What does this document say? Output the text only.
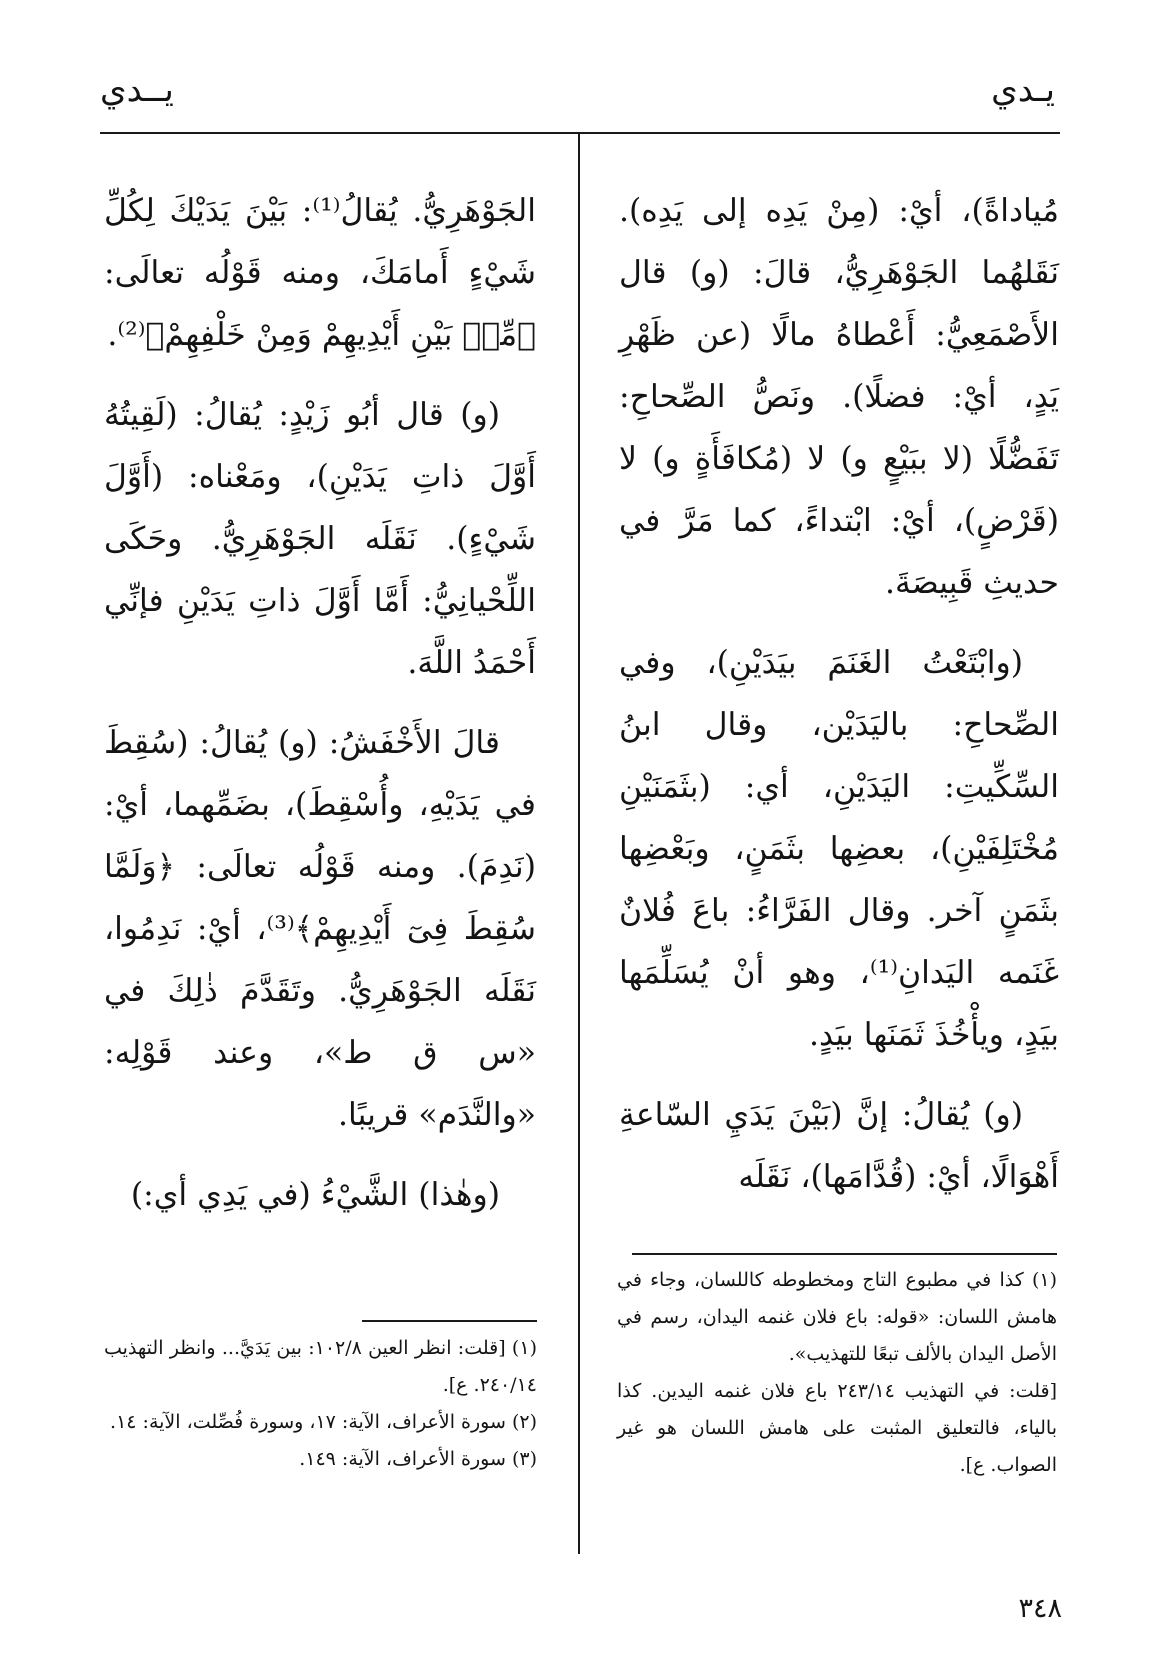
يـدي
يــدي

مُياداةً)، أيْ: (مِنْ يَدِه إلى يَدِه). نَقَلهُما الجَوْهَرِيُّ، قالَ: (و) قال الأَصْمَعِيُّ: أَعْطاهُ مالًا (عن ظَهْرِ يَدٍ، أيْ: فضلًا). ونَصُّ الصِّحاحِ: تَفَضُّلًا (لا ببَيْعٍ و) لا (مُكافَأَةٍ و) لا (قَرْضٍ)، أيْ: ابْتداءً، كما مَرَّ في حديثِ قَبِيصَةَ.

(وابْتَعْتُ الغَنَمَ بيَدَيْنِ)، وفي الصِّحاحِ: باليَدَيْن، وقال ابنُ السِّكِّيتِ: اليَدَيْنِ، أي: (بثَمَنَيْنِ مُخْتَلِفَيْنِ)، بعضِها بثَمَنٍ، وبَعْضِها بثَمَنٍ آخر. وقال الفَرَّاءُ: باعَ فُلانٌ غَنَمه اليَدانِ⁽¹⁾، وهو أنْ يُسَلِّمَها بيَدٍ، ويأْخُذَ ثَمَنَها بيَدٍ.

(و) يُقالُ: إنَّ (بَيْنَ يَدَيِ السّاعةِ أَهْوَالًا، أيْ: (قُدَّامَها)، نَقَلَه

الجَوْهَرِيُّ. يُقالُ⁽¹⁾: بَيْنَ يَدَيْكَ لِكُلِّ شَيْءٍ أَمامَكَ، ومنه قَوْلُه تعالَى: ﴿مِّنۢ بَيْنِ أَيْدِيهِمْ وَمِنْ خَلْفِهِمْ﴾⁽²⁾.

(و) قال أبُو زَيْدٍ: يُقالُ: (لَقِيتُهُ أَوَّلَ ذاتِ يَدَيْنِ)، ومَعْناه: (أَوَّلَ شَيْءٍ). نَقَلَه الجَوْهَرِيُّ. وحَكَى اللِّحْيانِيُّ: أَمَّا أَوَّلَ ذاتِ يَدَيْنِ فإنِّي أَحْمَدُ اللَّهَ.

قالَ الأَخْفَشُ: (و) يُقالُ: (سُقِطَ في يَدَيْهِ، وأُسْقِطَ)، بضَمِّهما، أيْ: (نَدِمَ). ومنه قَوْلُه تعالَى: ﴿وَلَمَّا سُقِطَ فِىٓ أَيْدِيهِمْ﴾⁽³⁾، أيْ: نَدِمُوا، نَقَلَه الجَوْهَرِيُّ. وتَقَدَّمَ ذٰلِكَ في «س ق ط»، وعند قَوْلِه: «والنَّدَم» قريبًا.

(وهٰذا) الشَّيْءُ (في يَدِي أي:)

(١) كذا في مطبوع التاج ومخطوطه كاللسان، وجاء في هامش اللسان: «قوله: باع فلان غنمه اليدان، رسم في الأصل اليدان بالألف تبعًا للتهذيب».

[قلت: في التهذيب ٢٤٣/١٤ باع فلان غنمه اليدين. كذا بالياء، فالتعليق المثبت على هامش اللسان هو غير الصواب. ع].

(١) [قلت: انظر العين ١٠٢/٨: بين يَدَيَّ... وانظر التهذيب ٢٤٠/١٤. ع].

(٢) سورة الأعراف، الآية: ١٧، وسورة فُصِّلت، الآية: ١٤.

(٣) سورة الأعراف، الآية: ١٤٩.

٣٤٨
